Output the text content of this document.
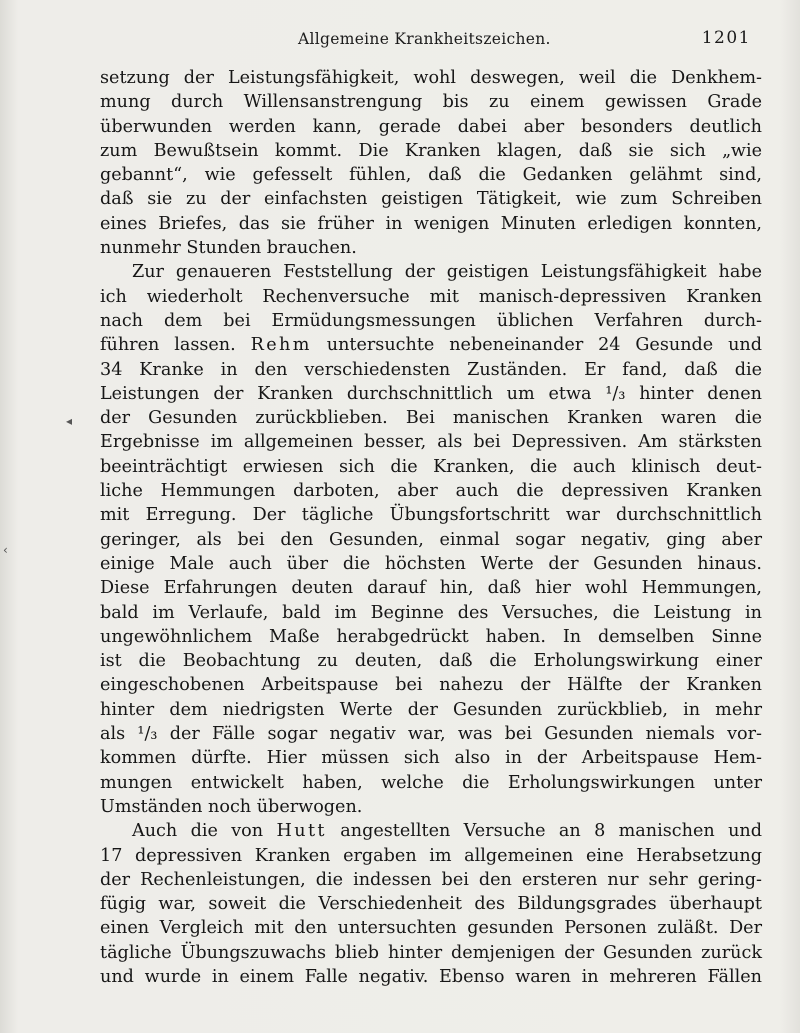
Allgemeine Krankheitszeichen.	1201
setzung der Leistungsfähigkeit, wohl deswegen, weil die Denkhem-
mung durch Willensanstrengung bis zu einem gewissen Grade
überwunden werden kann, gerade dabei aber besonders deutlich
zum Bewußtsein kommt. Die Kranken klagen, daß sie sich „wie
gebannt“, wie gefesselt fühlen, daß die Gedanken gelähmt sind,
daß sie zu der einfachsten geistigen Tätigkeit, wie zum Schreiben
eines Briefes, das sie früher in wenigen Minuten erledigen konnten,
nunmehr Stunden brauchen.
Zur genaueren Feststellung der geistigen Leistungsfähigkeit habe
ich wiederholt Rechenversuche mit manisch-depressiven Kranken
nach dem bei Ermüdungsmessungen üblichen Verfahren durch-
führen lassen. Rehm untersuchte nebeneinander 24 Gesunde und
34 Kranke in den verschiedensten Zuständen. Er fand, daß die
Leistungen der Kranken durchschnittlich um etwa ¹/₃ hinter denen
der Gesunden zurückblieben. Bei manischen Kranken waren die
Ergebnisse im allgemeinen besser, als bei Depressiven. Am stärksten
beeinträchtigt erwiesen sich die Kranken, die auch klinisch deut-
liche Hemmungen darboten, aber auch die depressiven Kranken
mit Erregung. Der tägliche Übungsfortschritt war durchschnittlich
geringer, als bei den Gesunden, einmal sogar negativ, ging aber
einige Male auch über die höchsten Werte der Gesunden hinaus.
Diese Erfahrungen deuten darauf hin, daß hier wohl Hemmungen,
bald im Verlaufe, bald im Beginne des Versuches, die Leistung in
ungewöhnlichem Maße herabgedrückt haben. In demselben Sinne
ist die Beobachtung zu deuten, daß die Erholungswirkung einer
eingeschobenen Arbeitspause bei nahezu der Hälfte der Kranken
hinter dem niedrigsten Werte der Gesunden zurückblieb, in mehr
als ¹/₃ der Fälle sogar negativ war, was bei Gesunden niemals vor-
kommen dürfte. Hier müssen sich also in der Arbeitspause Hem-
mungen entwickelt haben, welche die Erholungswirkungen unter
Umständen noch überwogen.
Auch die von Hutt angestellten Versuche an 8 manischen und
17 depressiven Kranken ergaben im allgemeinen eine Herabsetzung
der Rechenleistungen, die indessen bei den ersteren nur sehr gering-
fügig war, soweit die Verschiedenheit des Bildungsgrades überhaupt
einen Vergleich mit den untersuchten gesunden Personen zuläßt. Der
tägliche Übungszuwachs blieb hinter demjenigen der Gesunden zurück
und wurde in einem Falle negativ. Ebenso waren in mehreren Fällen
◂
‹
